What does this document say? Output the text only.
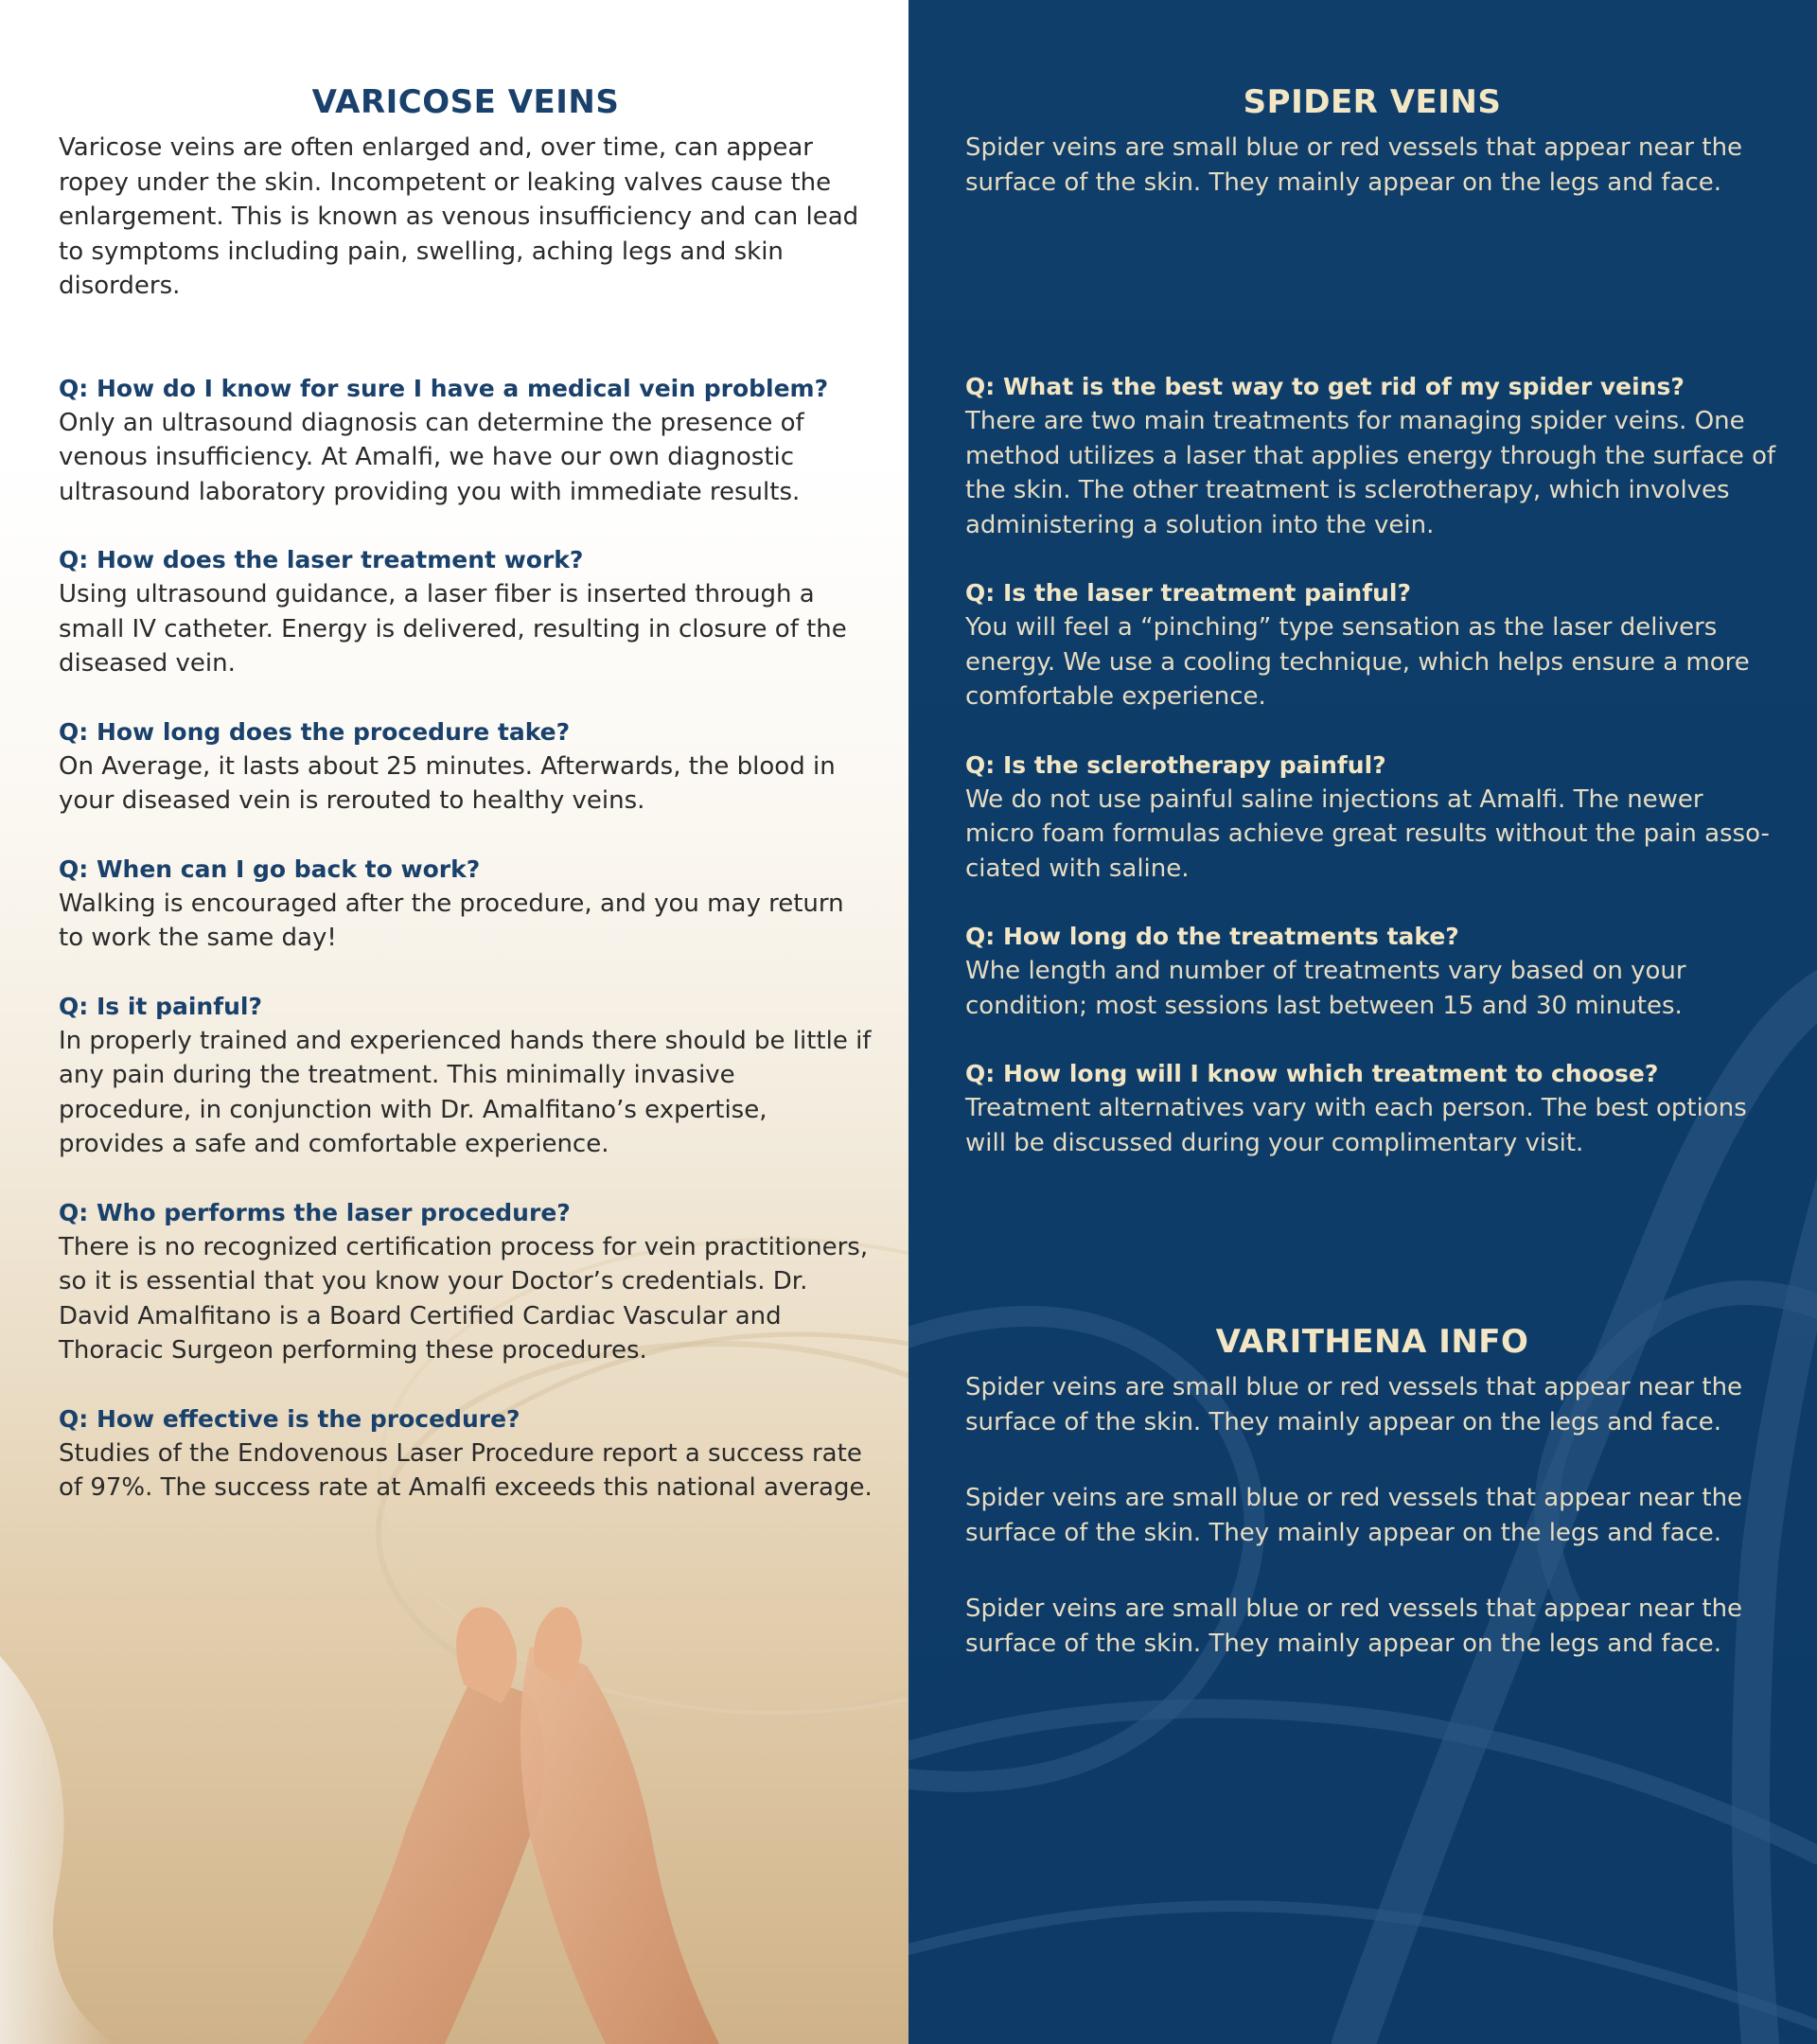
VARICOSE VEINS

Varicose veins are often enlarged and, over time, can appear ropey under the skin. Incompetent or leaking valves cause the enlargement. This is known as venous insufficiency and can lead to symptoms including pain, swelling, aching legs and skin disorders.

Q: How do I know for sure I have a medical vein problem?

Only an ultrasound diagnosis can determine the presence of venous insufficiency. At Amalfi, we have our own diagnostic ultrasound laboratory providing you with immediate results.

Q: How does the laser treatment work?

Using ultrasound guidance, a laser fiber is inserted through a small IV catheter. Energy is delivered, resulting in closure of the diseased vein.

Q: How long does the procedure take?

On Average, it lasts about 25 minutes. Afterwards, the blood in your diseased vein is rerouted to healthy veins.

Q: When can I go back to work?

Walking is encouraged after the procedure, and you may return to work the same day!

Q: Is it painful?

In properly trained and experienced hands there should be little if any pain during the treatment. This minimally invasive procedure, in conjunction with Dr. Amalfitano’s expertise, provides a safe and comfortable experience.

Q: Who performs the laser procedure?

There is no recognized certification process for vein practitioners, so it is essential that you know your Doctor’s credentials. Dr. David Amalfitano is a Board Certified Cardiac Vascular and Thoracic Surgeon performing these procedures.

Q: How effective is the procedure?

Studies of the Endovenous Laser Procedure report a success rate of 97%. The success rate at Amalfi exceeds this national average.

SPIDER VEINS

Spider veins are small blue or red vessels that appear near the surface of the skin. They mainly appear on the legs and face.

Q: What is the best way to get rid of my spider veins?

There are two main treatments for managing spider veins. One method utilizes a laser that applies energy through the surface of the skin. The other treatment is sclerotherapy, which involves administering a solution into the vein.

Q: Is the laser treatment painful?

You will feel a “pinching” type sensation as the laser delivers energy. We use a cooling technique, which helps ensure a more comfortable experience.

Q: Is the sclerotherapy painful?

We do not use painful saline injections at Amalfi. The newer micro foam formulas achieve great results without the pain asso-ciated with saline.

Q: How long do the treatments take?

Whe length and number of treatments vary based on your condition; most sessions last between 15 and 30 minutes.

Q: How long will I know which treatment to choose?

Treatment alternatives vary with each person. The best options will be discussed during your complimentary visit.

VARITHENA INFO

Spider veins are small blue or red vessels that appear near the surface of the skin. They mainly appear on the legs and face.

Spider veins are small blue or red vessels that appear near the surface of the skin. They mainly appear on the legs and face.

Spider veins are small blue or red vessels that appear near the surface of the skin. They mainly appear on the legs and face.
